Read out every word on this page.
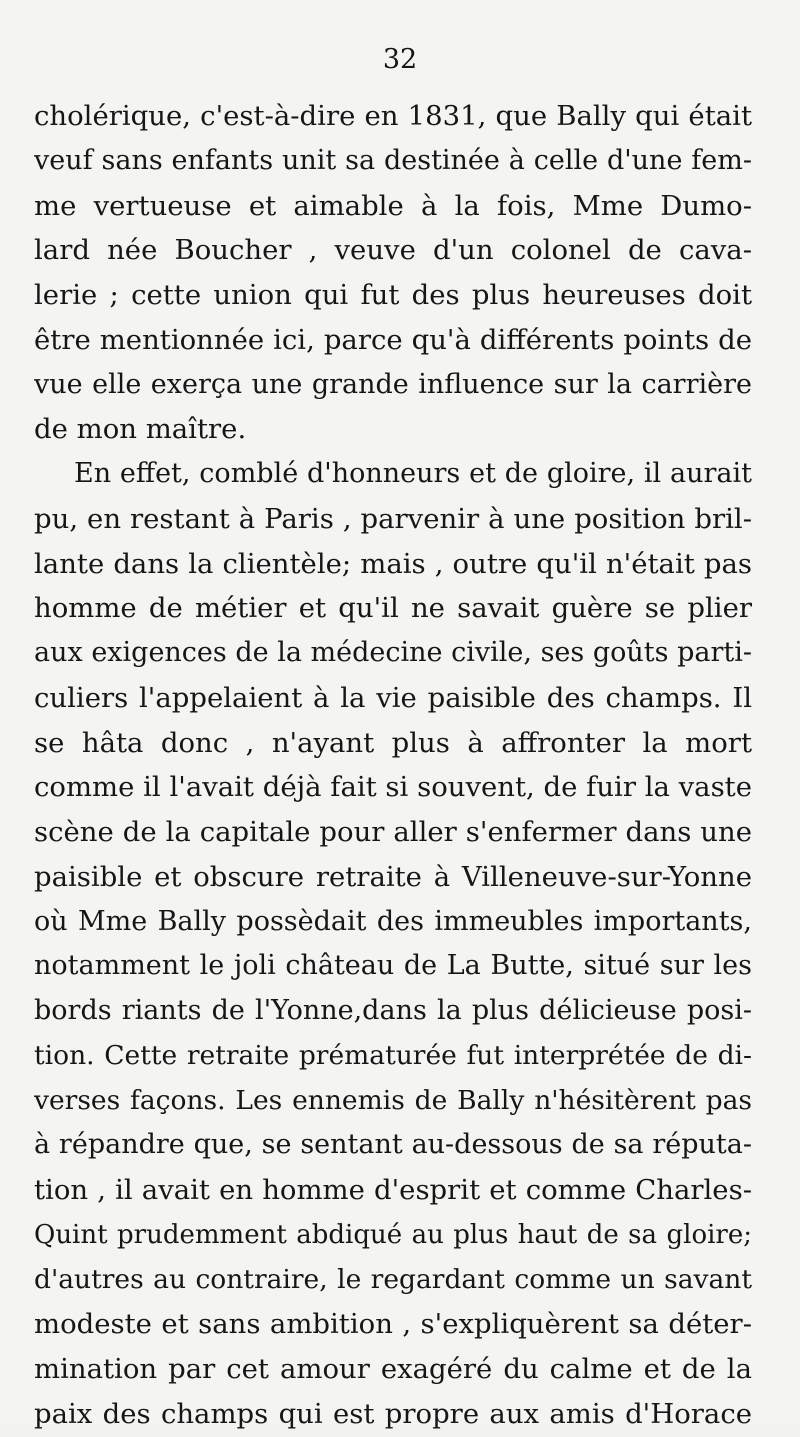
32
cholérique, c'est-à-dire en 1831, que Bally qui était
veuf sans enfants unit sa destinée à celle d'une fem-
me vertueuse et aimable à la fois, Mme Dumo-
lard née Boucher , veuve d'un colonel de cava-
lerie ; cette union qui fut des plus heureuses doit
être mentionnée ici, parce qu'à différents points de
vue elle exerça une grande influence sur la carrière
de mon maître.
En effet, comblé d'honneurs et de gloire, il aurait
pu, en restant à Paris , parvenir à une position bril-
lante dans la clientèle; mais , outre qu'il n'était pas
homme de métier et qu'il ne savait guère se plier
aux exigences de la médecine civile, ses goûts parti-
culiers l'appelaient à la vie paisible des champs. Il
se hâta donc , n'ayant plus à affronter la mort
comme il l'avait déjà fait si souvent, de fuir la vaste
scène de la capitale pour aller s'enfermer dans une
paisible et obscure retraite à Villeneuve-sur-Yonne
où Mme Bally possèdait des immeubles importants,
notamment le joli château de La Butte, situé sur les
bords riants de l'Yonne,dans la plus délicieuse posi-
tion. Cette retraite prématurée fut interprétée de di-
verses façons. Les ennemis de Bally n'hésitèrent pas
à répandre que, se sentant au-dessous de sa réputa-
tion , il avait en homme d'esprit et comme Charles-
Quint prudemment abdiqué au plus haut de sa gloire;
d'autres au contraire, le regardant comme un savant
modeste et sans ambition , s'expliquèrent sa déter-
mination par cet amour exagéré du calme et de la
paix des champs qui est propre aux amis d'Horace
